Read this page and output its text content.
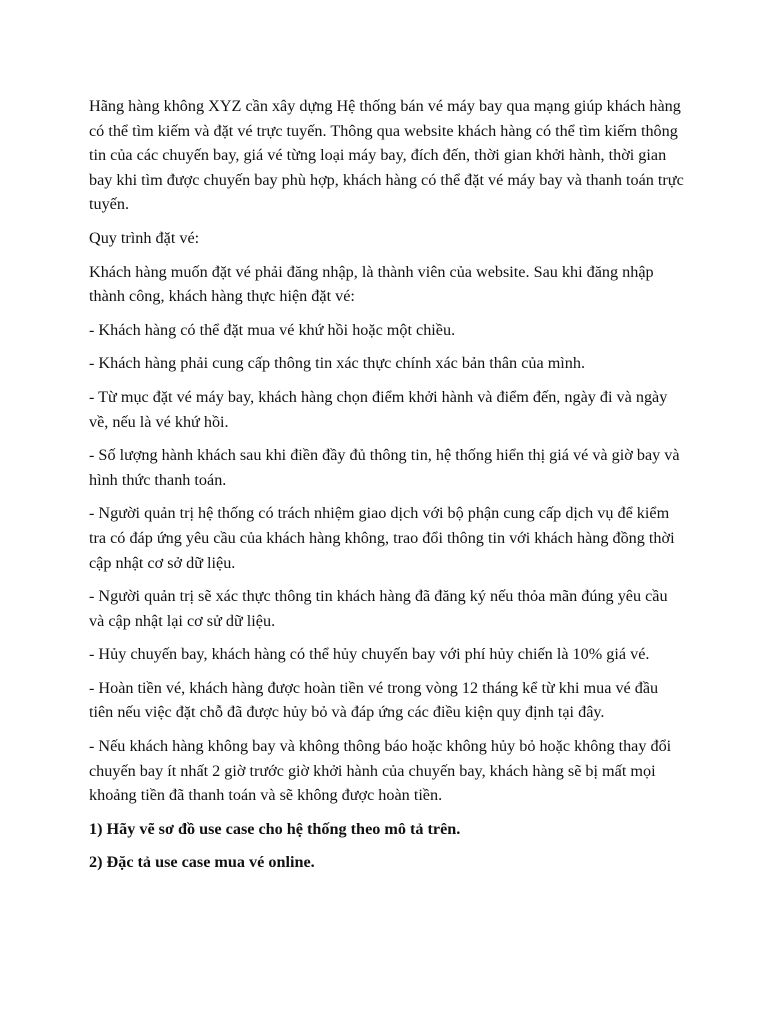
Hãng hàng không XYZ cần xây dựng Hệ thống bán vé máy bay qua mạng giúp khách hàng có thể tìm kiếm và đặt vé trực tuyến. Thông qua website khách hàng có thể tìm kiếm thông tin của các chuyến bay, giá vé từng loại máy bay, đích đến, thời gian khởi hành, thời gian bay khi tìm được chuyến bay phù hợp, khách hàng có thể đặt vé máy bay và thanh toán trực tuyến.

Quy trình đặt vé:

Khách hàng muốn đặt vé phải đăng nhập, là thành viên của website. Sau khi đăng nhập thành công, khách hàng thực hiện đặt vé:

- Khách hàng có thể đặt mua vé khứ hồi hoặc một chiều.

- Khách hàng phải cung cấp thông tin xác thực chính xác bản thân của mình.

- Từ mục đặt vé máy bay, khách hàng chọn điểm khởi hành và điểm đến, ngày đi và ngày về, nếu là vé khứ hồi.

- Số lượng hành khách sau khi điền đầy đủ thông tin, hệ thống hiển thị giá vé và giờ bay và hình thức thanh toán.

- Người quản trị hệ thống có trách nhiệm giao dịch với bộ phận cung cấp dịch vụ để kiểm tra có đáp ứng yêu cầu của khách hàng không, trao đổi thông tin với khách hàng đồng thời cập nhật cơ sở dữ liệu.

- Người quản trị sẽ xác thực thông tin khách hàng đã đăng ký nếu thỏa mãn đúng yêu cầu và cập nhật lại cơ sử dữ liệu.

- Hủy chuyến bay, khách hàng có thể hủy chuyến bay với phí hủy chiến là 10% giá vé.

- Hoàn tiền vé, khách hàng được hoàn tiền vé trong vòng 12 tháng kể từ khi mua vé đầu tiên nếu việc đặt chỗ đã được hủy bỏ và đáp ứng các điều kiện quy định tại đây.

- Nếu khách hàng không bay và không thông báo hoặc không hủy bỏ hoặc không thay đổi chuyến bay ít nhất 2 giờ trước giờ khởi hành của chuyến bay, khách hàng sẽ bị mất mọi khoảng tiền đã thanh toán và sẽ không được hoàn tiền.

1) Hãy vẽ sơ đồ use case cho hệ thống theo mô tả trên.

2) Đặc tả use case mua vé online.
